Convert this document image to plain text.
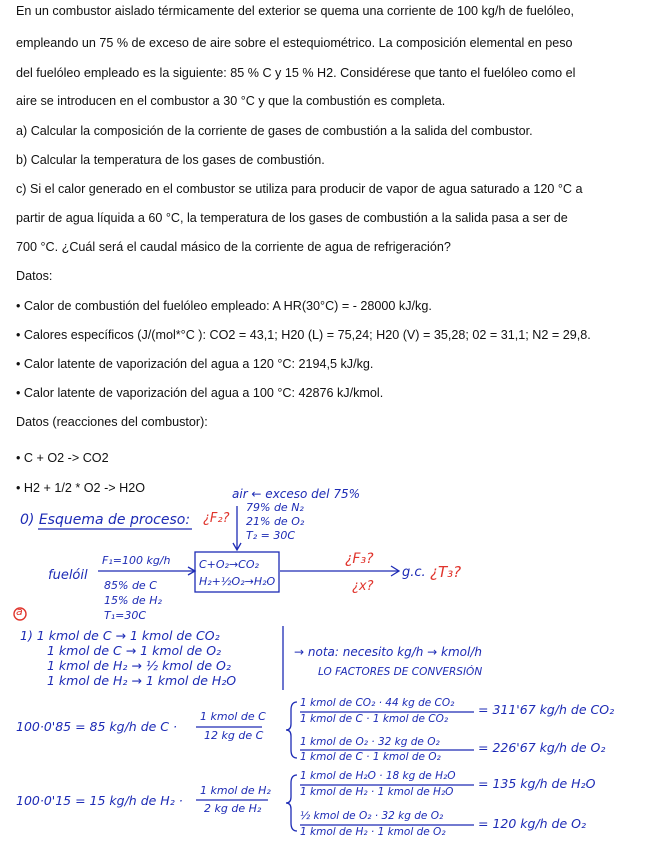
En un combustor aislado térmicamente del exterior se quema una corriente de 100 kg/h de fuelóleo,
empleando un 75 % de exceso de aire sobre el estequiométrico. La composición elemental en peso
del fuelóleo empleado es la siguiente: 85 % C y 15 % H2. Considérese que tanto el fuelóleo como el
aire se introducen en el combustor a 30 °C y que la combustión es completa.
a) Calcular la composición de la corriente de gases de combustión a la salida del combustor.
b) Calcular la temperatura de los gases de combustión.
c) Si el calor generado en el combustor se utiliza para producir de vapor de agua saturado a 120 °C a
partir de agua líquida a 60 °C, la temperatura de los gases de combustión a la salida pasa a ser de
700 °C. ¿Cuál será el caudal másico de la corriente de agua de refrigeración?
Datos:
• Calor de combustión del fuelóleo empleado: A HR(30°C) = - 28000 kJ/kg.
• Calores específicos (J/(mol*°C ): CO2 = 43,1; H20 (L) = 75,24; H20 (V) = 35,28; 02 = 31,1; N2 = 29,8.
• Calor latente de vaporización del agua a 120 °C: 2194,5 kJ/kg.
• Calor latente de vaporización del agua a 100 °C: 42876 kJ/kmol.
Datos (reacciones del combustor):
• C + O2 -> CO2
• H2 + 1/2 * O2 -> H2O	air ← exceso del 75%
0) Esquema de proceso: ¿F₂?
79% de N₂
21% de O₂
T₂ = 30C
C+O₂→CO₂
H₂+½O₂→H₂O
fuelóil
F₁=100 kg/h
85% de C
15% de H₂
T₁=30C
¿F₃?
¿x?
g.c. ¿T₃?
a
1) 1 kmol de C → 1 kmol de CO₂
1 kmol de C → 1 kmol de O₂
1 kmol de H₂ → ½ kmol de O₂
1 kmol de H₂ → 1 kmol de H₂O
→ nota: necesito kg/h → kmol/h
LO FACTORES DE CONVERSIÓN
100·0'85 = 85 kg/h de C ·
1 kmol de C
12 kg de C
1 kmol de CO₂ · 44 kg de CO₂
1 kmol de C · 1 kmol de CO₂
= 311'67 kg/h de CO₂
1 kmol de O₂ · 32 kg de O₂
1 kmol de C · 1 kmol de O₂
= 226'67 kg/h de O₂
100·0'15 = 15 kg/h de H₂ ·
1 kmol de H₂
2 kg de H₂
1 kmol de H₂O · 18 kg de H₂O
1 kmol de H₂ · 1 kmol de H₂O
= 135 kg/h de H₂O
½ kmol de O₂ · 32 kg de O₂
1 kmol de H₂ · 1 kmol de O₂
= 120 kg/h de O₂
